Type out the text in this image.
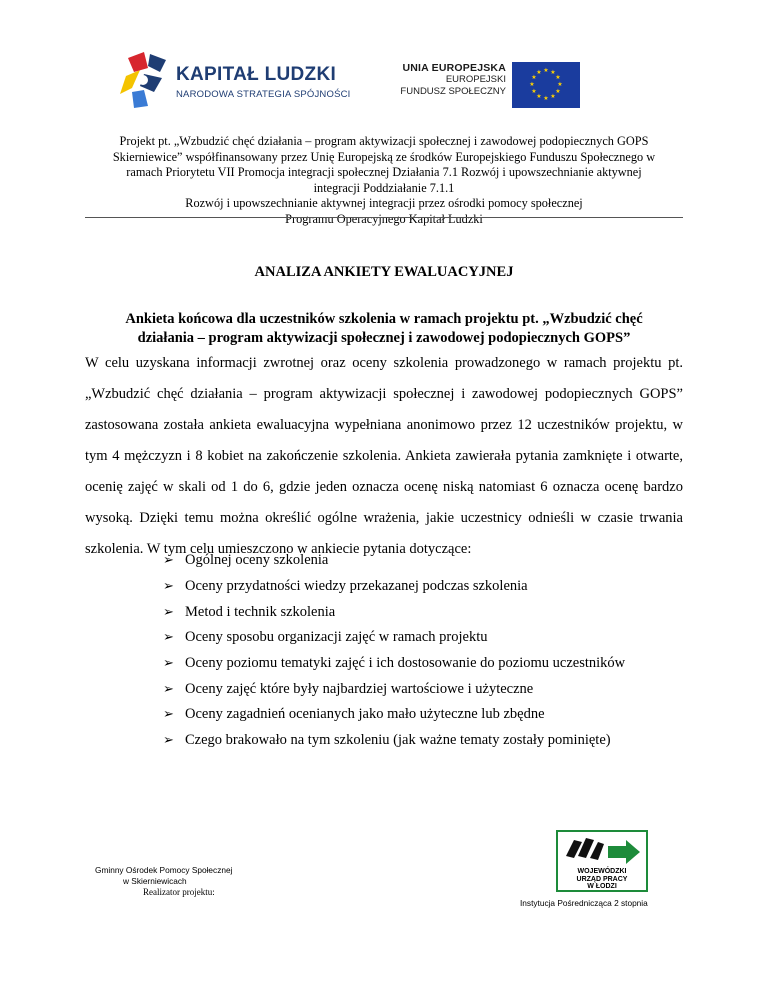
KAPITAŁ LUDZKI
NARODOWA STRATEGIA SPÓJNOŚCI
UNIA EUROPEJSKA
EUROPEJSKI
FUNDUSZ SPOŁECZNY
★ ★
★
★
★
★
★
★
★
★
★
★
Projekt pt. „Wzbudzić chęć działania – program aktywizacji społecznej i zawodowej podopiecznych GOPS
Skierniewice” współfinansowany przez Unię Europejską ze środków Europejskiego Funduszu Społecznego w
ramach Priorytetu VII Promocja integracji społecznej Działania 7.1 Rozwój i upowszechnianie aktywnej
integracji Poddziałanie 7.1.1
Rozwój i upowszechnianie aktywnej integracji przez ośrodki pomocy społecznej
Programu Operacyjnego Kapitał Ludzki
ANALIZA ANKIETY EWALUACYJNEJ
Ankieta końcowa dla uczestników szkolenia w ramach projektu pt. „Wzbudzić chęć działania – program aktywizacji społecznej i zawodowej podopiecznych GOPS”
W celu uzyskana informacji zwrotnej oraz oceny szkolenia prowadzonego w ramach projektu pt. „Wzbudzić chęć działania – program aktywizacji społecznej i zawodowej podopiecznych GOPS” zastosowana została ankieta ewaluacyjna wypełniana anonimowo przez 12 uczestników projektu, w tym 4 mężczyzn i 8 kobiet na zakończenie szkolenia. Ankieta zawierała pytania zamknięte i otwarte, ocenię zajęć w skali od 1 do 6, gdzie jeden oznacza ocenę niską natomiast 6 oznacza ocenę bardzo wysoką. Dzięki temu można określić ogólne wrażenia, jakie uczestnicy odnieśli w czasie trwania szkolenia. W tym celu umieszczono w ankiecie pytania dotyczące:
➢ Ogólnej oceny szkolenia
➢ Oceny przydatności wiedzy przekazanej podczas szkolenia
➢ Metod i technik szkolenia
➢ Oceny sposobu organizacji zajęć w ramach projektu
➢ Oceny poziomu tematyki zajęć i ich dostosowanie do poziomu uczestników
➢ Oceny zajęć które były najbardziej wartościowe i użyteczne
➢ Oceny zagadnień ocenianych jako mało użyteczne lub zbędne
➢ Czego brakowało na tym szkoleniu (jak ważne tematy zostały pominięte)
Gminny Ośrodek Pomocy Społecznej
w Skierniewicach
Realizator projektu:
WOJEWÓDZKI
URZĄD PRACY
W ŁODZI
Instytucja Pośrednicząca 2 stopnia
